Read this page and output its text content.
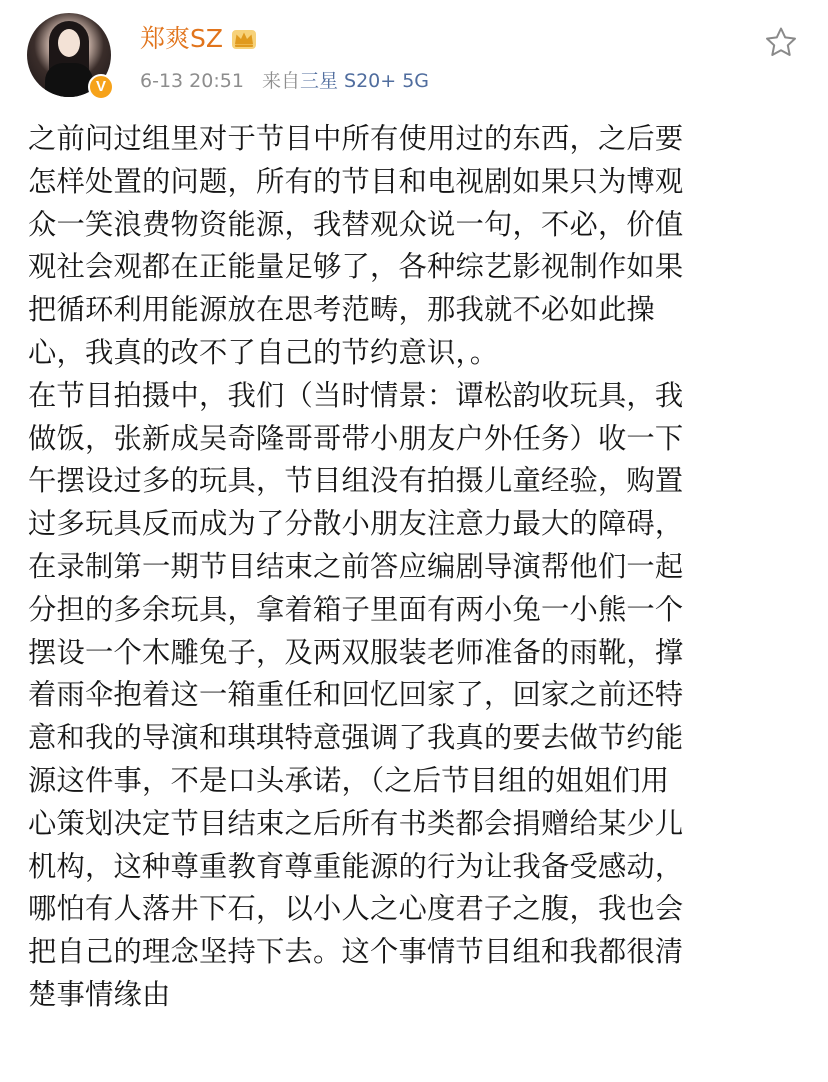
V
郑爽SZ
6-13 20:51 来自三星 S20+ 5G

之前问过组里对于节目中所有使用过的东西，之后要

怎样处置的问题，所有的节目和电视剧如果只为博观

众一笑浪费物资能源，我替观众说一句，不必，价值

观社会观都在正能量足够了，各种综艺影视制作如果

把循环利用能源放在思考范畴，那我就不必如此操

心，我真的改不了自己的节约意识，。

在节目拍摄中，我们（当时情景：谭松韵收玩具，我

做饭，张新成吴奇隆哥哥带小朋友户外任务）收一下

午摆设过多的玩具，节目组没有拍摄儿童经验，购置

过多玩具反而成为了分散小朋友注意力最大的障碍，

在录制第一期节目结束之前答应编剧导演帮他们一起

分担的多余玩具，拿着箱子里面有两小兔一小熊一个

摆设一个木雕兔子，及两双服装老师准备的雨靴，撑

着雨伞抱着这一箱重任和回忆回家了，回家之前还特

意和我的导演和琪琪特意强调了我真的要去做节约能

源这件事，不是口头承诺，（之后节目组的姐姐们用

心策划决定节目结束之后所有书类都会捐赠给某少儿

机构，这种尊重教育尊重能源的行为让我备受感动，

哪怕有人落井下石，以小人之心度君子之腹，我也会

把自己的理念坚持下去。这个事情节目组和我都很清

楚事情缘由
